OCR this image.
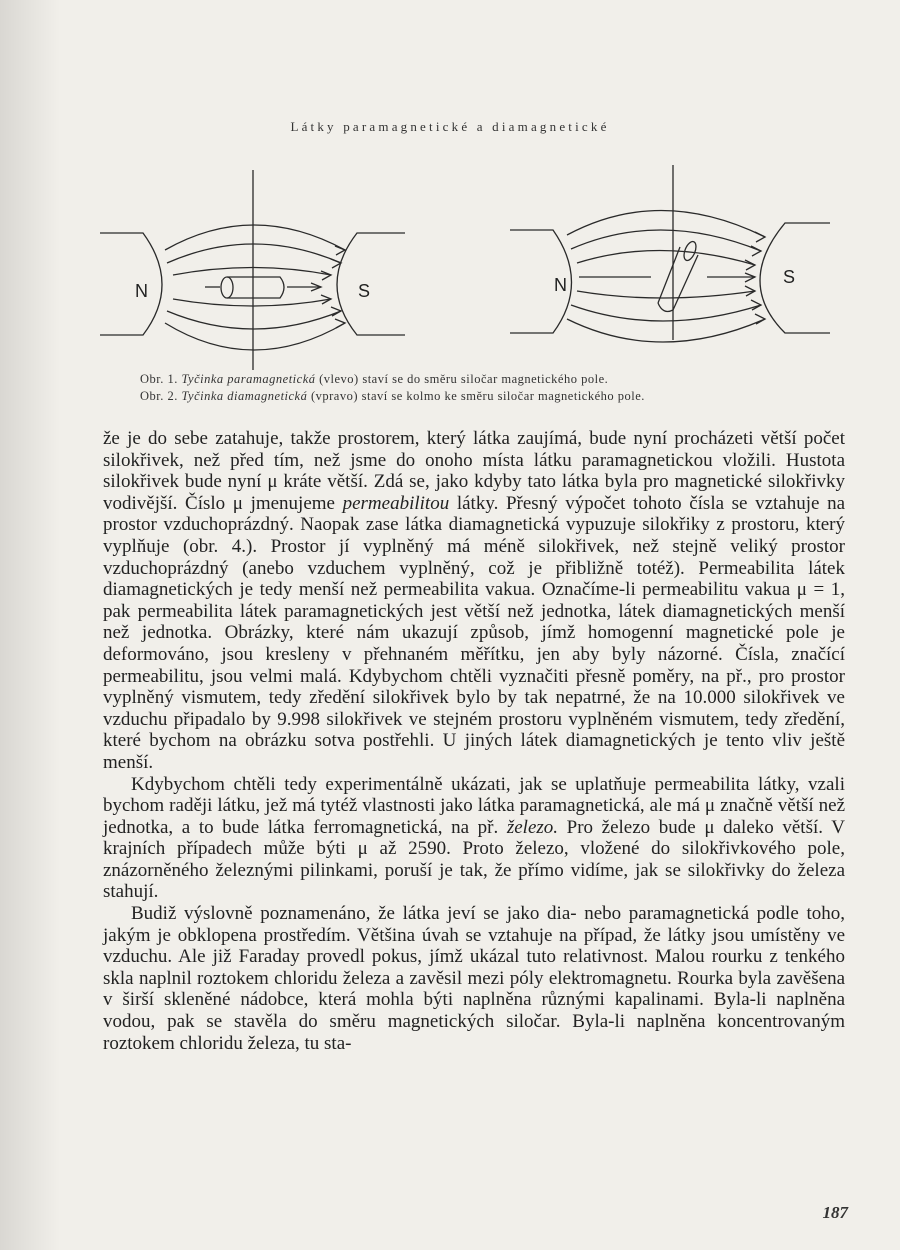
Látky paramagnetické a diamagnetické
N	S	N	S
Obr. 1. Tyčinka paramagnetická (vlevo) staví se do směru siločar magnetického pole.
Obr. 2. Tyčinka diamagnetická (vpravo) staví se kolmo ke směru siločar magnetického pole.

že je do sebe zatahuje, takže prostorem, který látka zaujímá, bude nyní procházeti větší počet silokřivek, než před tím, než jsme do onoho místa látku paramagnetickou vložili. Hustota silokřivek bude nyní μ kráte větší. Zdá se, jako kdyby tato látka byla pro magnetické silokřivky vodivější. Číslo μ jmenujeme permeabilitou látky. Přesný výpočet tohoto čísla se vztahuje na prostor vzduchoprázdný. Naopak zase látka diamagnetická vypuzuje silokřiky z prostoru, který vyplňuje (obr. 4.). Prostor jí vyplněný má méně silokřivek, než stejně veliký prostor vzduchoprázdný (anebo vzduchem vyplněný, což je přibližně totéž). Permeabilita látek diamagnetických je tedy menší než permeabilita vakua. Označíme-li permeabilitu vakua μ = 1, pak permeabilita látek paramagnetických jest větší než jednotka, látek diamagnetických menší než jednotka. Obrázky, které nám ukazují způsob, jímž homogenní magnetické pole je deformováno, jsou kresleny v přehnaném měřítku, jen aby byly názorné. Čísla, značící permeabilitu, jsou velmi malá. Kdybychom chtěli vyznačiti přesně poměry, na př., pro prostor vyplněný vismutem, tedy zředění silokřivek bylo by tak nepatrné, že na 10.000 silokřivek ve vzduchu připadalo by 9.998 silokřivek ve stejném prostoru vyplněném vismutem, tedy zředění, které bychom na obrázku sotva postřehli. U jiných látek diamagnetických je tento vliv ještě menší.

Kdybychom chtěli tedy experimentálně ukázati, jak se uplatňuje permeabilita látky, vzali bychom raději látku, jež má tytéž vlastnosti jako látka paramagnetická, ale má μ značně větší než jednotka, a to bude látka ferromagnetická, na př. železo. Pro železo bude μ daleko větší. V krajních případech může býti μ až 2590. Proto železo, vložené do silokřivkového pole, znázorněného železnými pilinkami, poruší je tak, že přímo vidíme, jak se silokřivky do železa stahují.

Budiž výslovně poznamenáno, že látka jeví se jako dia- nebo paramagnetická podle toho, jakým je obklopena prostředím. Většina úvah se vztahuje na případ, že látky jsou umístěny ve vzduchu. Ale již Faraday provedl pokus, jímž ukázal tuto relativnost. Malou rourku z tenkého skla naplnil roztokem chloridu železa a zavěsil mezi póly elektromagnetu. Rourka byla zavěšena v širší skleněné nádobce, která mohla býti naplněna různými kapalinami. Byla-li naplněna vodou, pak se stavěla do směru magnetických siločar. Byla-li naplněna koncentrovaným roztokem chloridu železa, tu sta-

187
